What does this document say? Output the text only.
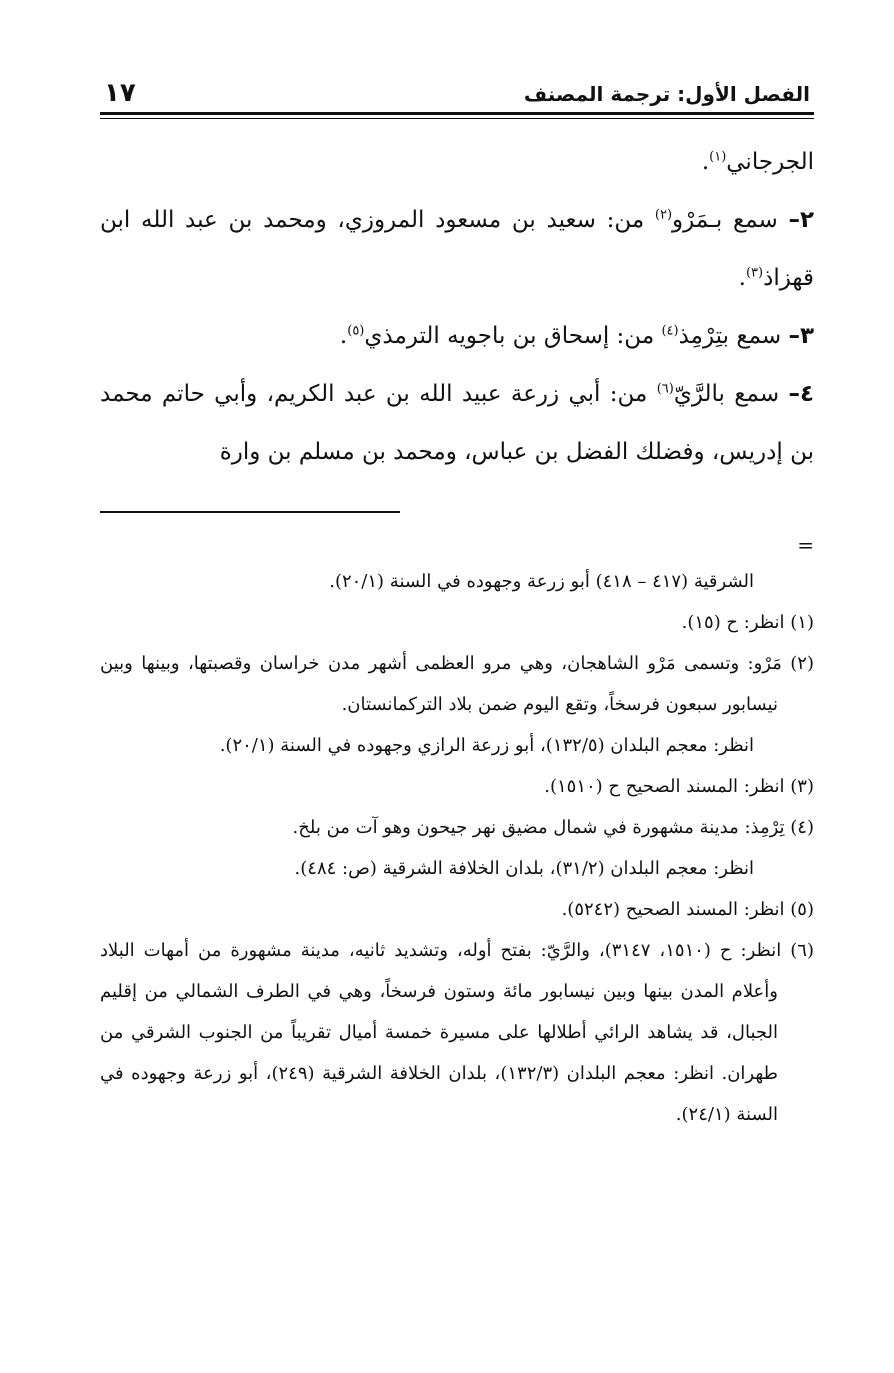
الفصل الأول: ترجمة المصنف
١٧

الجرجاني$^{(١)}$.

٢– سمع بـمَرْو$^{(٢)}$ من: سعيد بن مسعود المروزي، ومحمد بن عبد الله ابن قهزاذ$^{(٣)}$.

٣– سمع بتِرْمِذ$^{(٤)}$ من: إسحاق بن باجويه الترمذي$^{(٥)}$.

٤– سمع بالرَّيّ$^{(٦)}$ من: أبي زرعة عبيد الله بن عبد الكريم، وأبي حاتم محمد بن إدريس، وفضلك الفضل بن عباس، ومحمد بن مسلم بن وارة

=

الشرقية (٤١٧ – ٤١٨) أبو زرعة وجهوده في السنة (٢٠/١).

(١) انظر: ح (١٥).

(٢) مَرْو: وتسمى مَرْو الشاهجان، وهي مرو العظمى أشهر مدن خراسان وقصبتها، وبينها وبين نيسابور سبعون فرسخاً، وتقع اليوم ضمن بلاد التركمانستان.

انظر: معجم البلدان (١٣٢/٥)، أبو زرعة الرازي وجهوده في السنة (٢٠/١).

(٣) انظر: المسند الصحيح ح (١٥١٠).

(٤) تِرْمِذ: مدينة مشهورة في شمال مضيق نهر جيحون وهو آت من بلخ.

انظر: معجم البلدان (٣١/٢)، بلدان الخلافة الشرقية (ص: ٤٨٤).

(٥) انظر: المسند الصحيح (٥٢٤٢).

(٦) انظر: ح (١٥١٠، ٣١٤٧)، والرَّيّ: بفتح أوله، وتشديد ثانيه، مدينة مشهورة من أمهات البلاد وأعلام المدن بينها وبين نيسابور مائة وستون فرسخاً، وهي في الطرف الشمالي من إقليم الجبال، قد يشاهد الرائي أطلالها على مسيرة خمسة أميال تقريباً من الجنوب الشرقي من طهران. انظر: معجم البلدان (١٣٢/٣)، بلدان الخلافة الشرقية (٢٤٩)، أبو زرعة وجهوده في السنة (٢٤/١).
